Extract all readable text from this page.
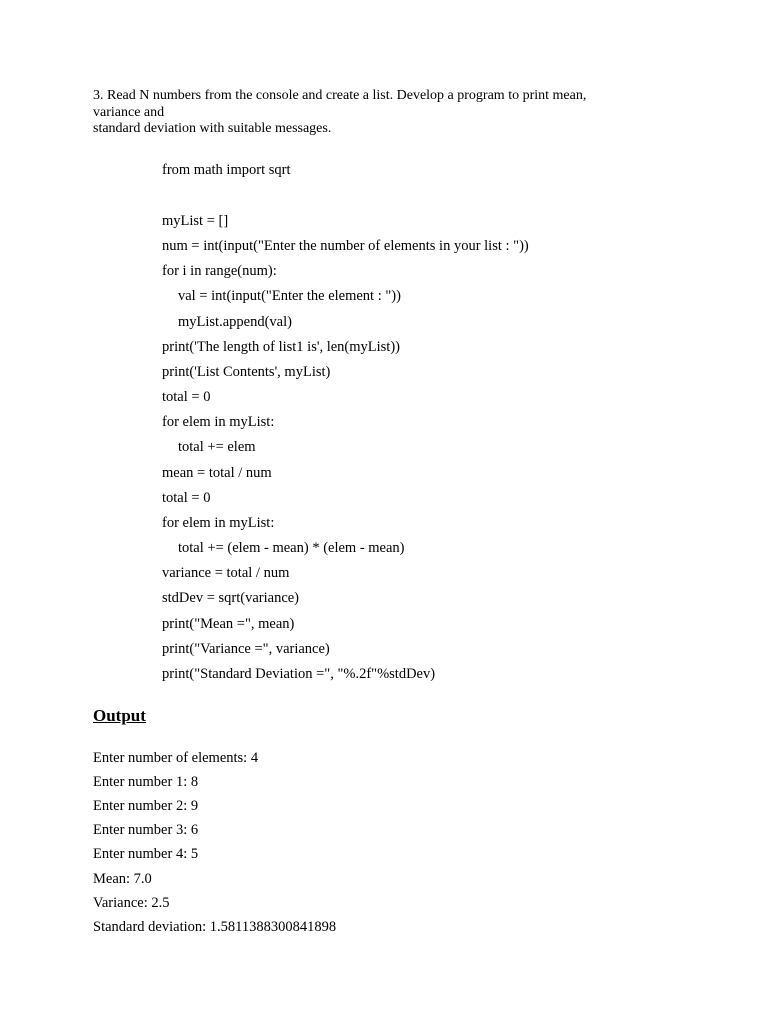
3. Read N numbers from the console and create a list. Develop a program to print mean,
variance and
standard deviation with suitable messages.
from math import sqrt
myList = []
num = int(input("Enter the number of elements in your list : "))
for i in range(num):
val = int(input("Enter the element : "))
myList.append(val)
print('The length of list1 is', len(myList))
print('List Contents', myList)
total = 0
for elem in myList:
total += elem
mean = total / num
total = 0
for elem in myList:
total += (elem - mean) * (elem - mean)
variance = total / num
stdDev = sqrt(variance)
print("Mean =", mean)
print("Variance =", variance)
print("Standard Deviation =", "%.2f"%stdDev)
Output
Enter number of elements: 4
Enter number 1: 8
Enter number 2: 9
Enter number 3: 6
Enter number 4: 5
Mean: 7.0
Variance: 2.5
Standard deviation: 1.5811388300841898
